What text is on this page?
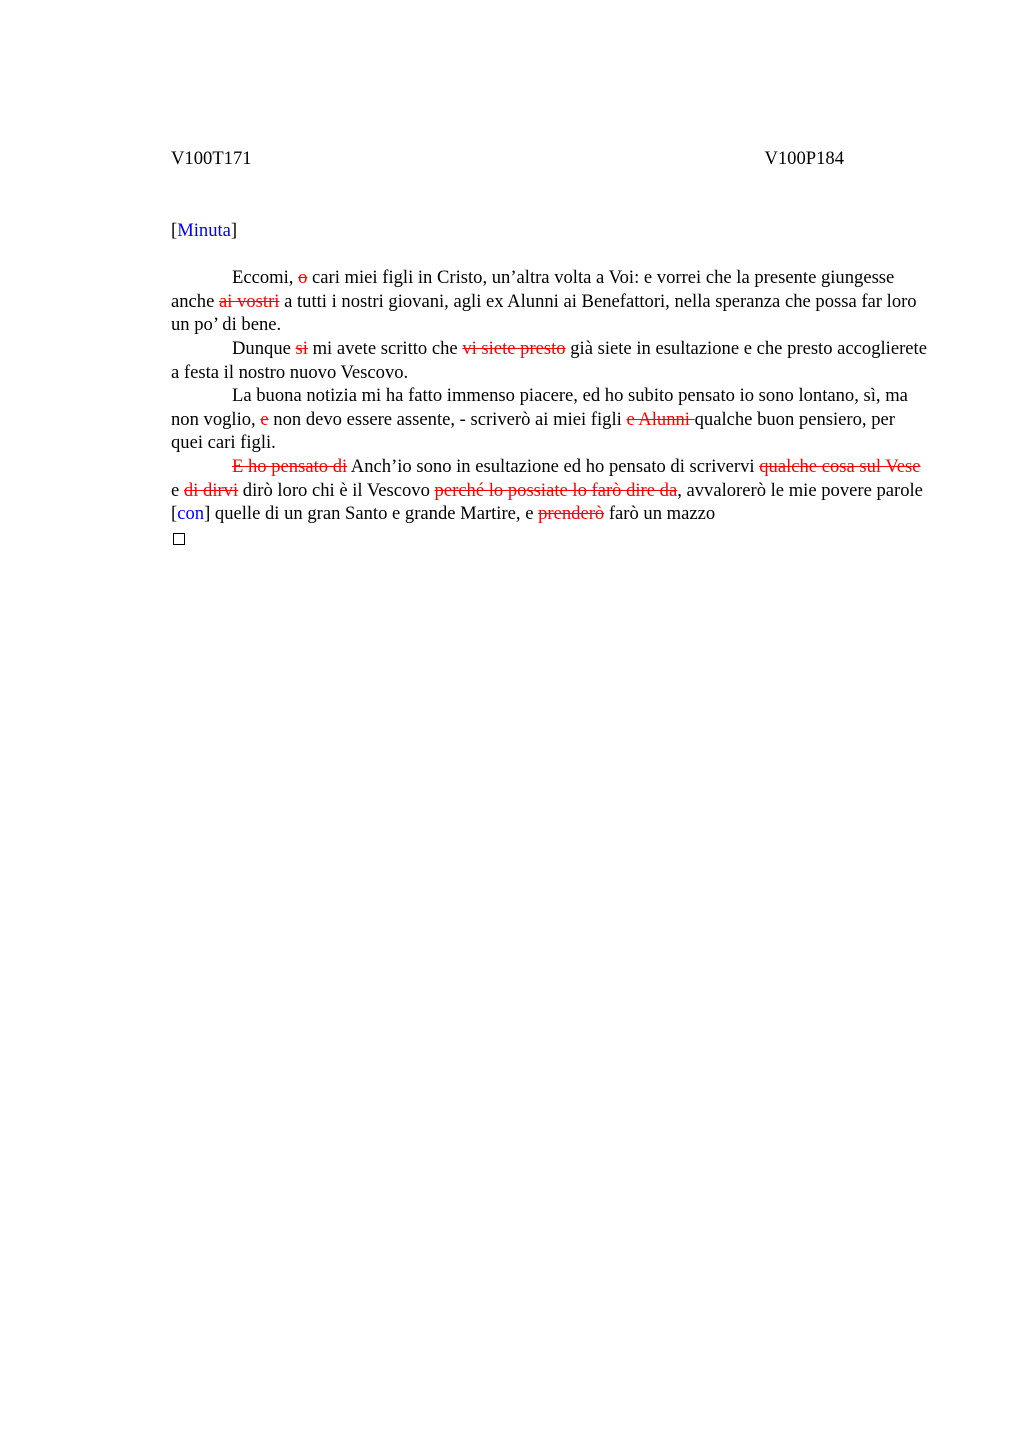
V100T171	V100P184
[Minuta]

Eccomi, o cari miei figli in Cristo, un’altra volta a Voi: e vorrei che la presente giungesse anche ai vostri a tutti i nostri giovani, agli ex Alunni ai Benefattori, nella speranza che possa far loro un po’ di bene.

Dunque si mi avete scritto che vi siete presto già siete in esultazione e che presto accoglierete a festa il nostro nuovo Vescovo.

La buona notizia mi ha fatto immenso piacere, ed ho subito pensato io sono lontano, sì, ma non voglio, e non devo essere assente, - scriverò ai miei figli e Alunni qualche buon pensiero, per quei cari figli.

E ho pensato di Anch’io sono in esultazione ed ho pensato di scrivervi qualche cosa sul Vese e di dirvi dirò loro chi è il Vescovo perché lo possiate lo farò dire da, avvalorerò le mie povere parole [con] quelle di un gran Santo e grande Martire, e prenderò farò un mazzo
